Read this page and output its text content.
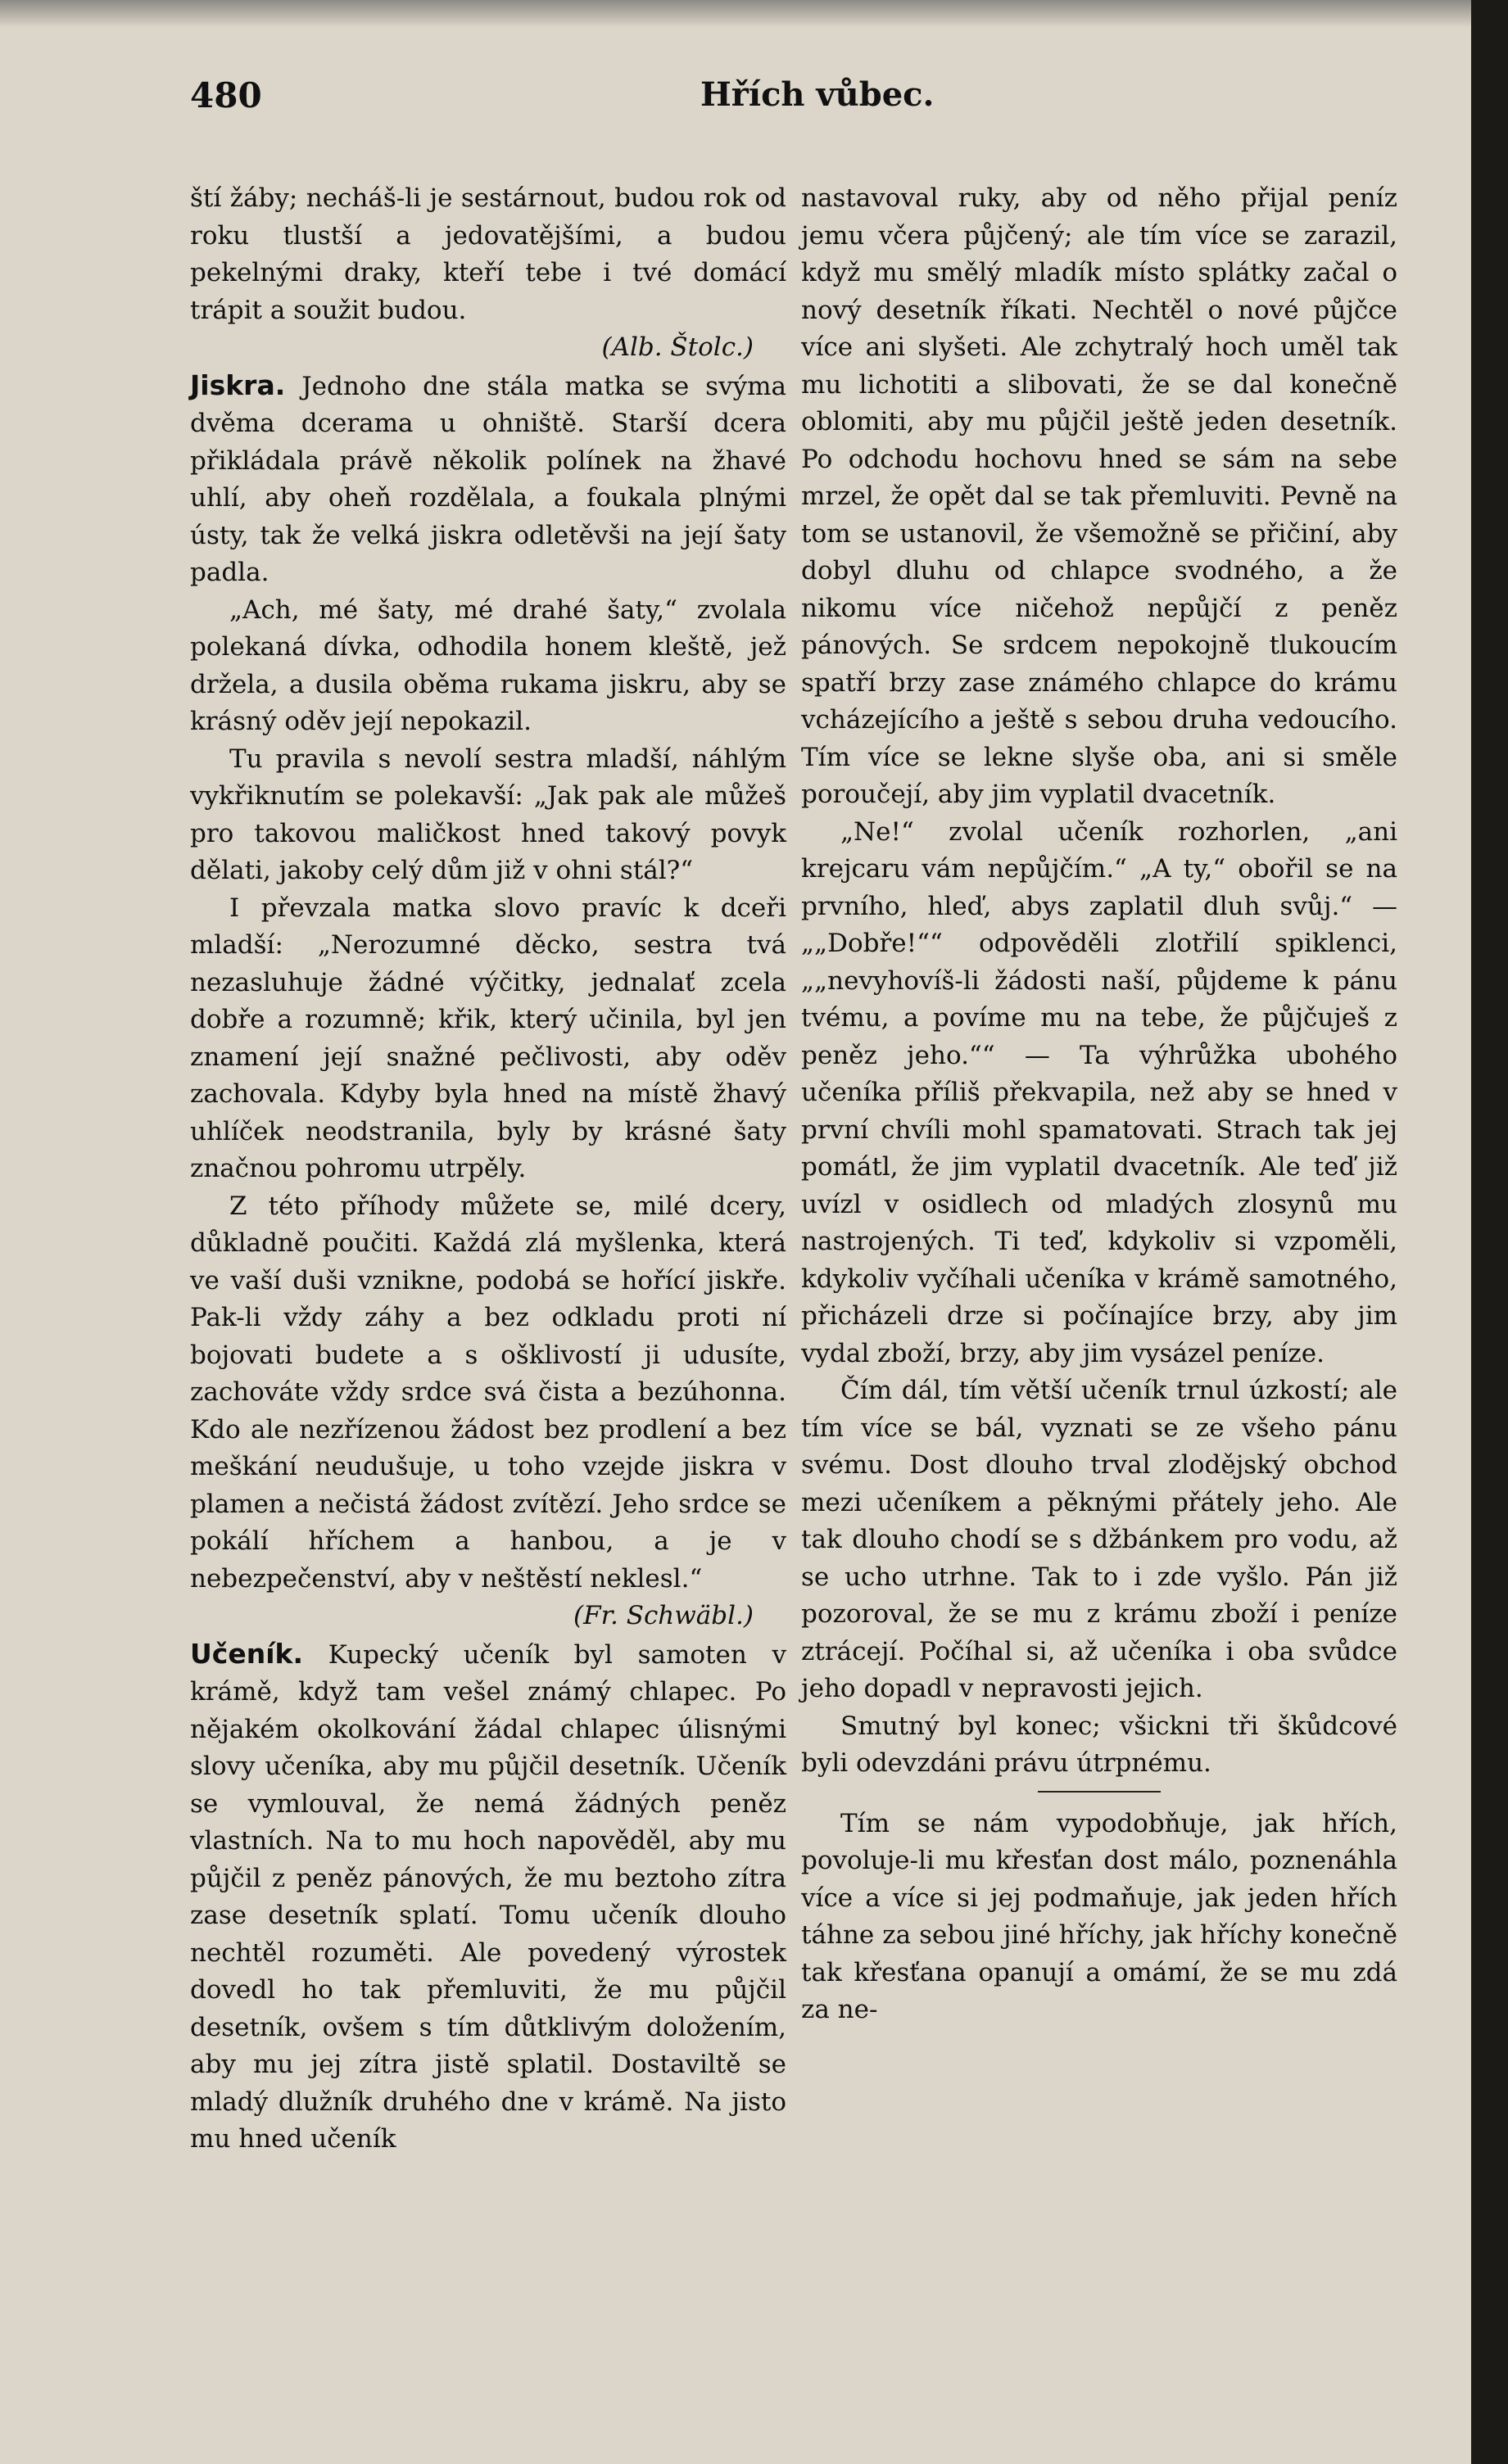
480	Hřích vůbec.

ští žáby; necháš-li je sestárnout, budou rok od roku tlustší a jedovatějšími, a budou pekelnými draky, kteří tebe i tvé domácí trápit a soužit budou.

(Alb. Štolc.)

Jiskra. Jednoho dne stála matka se svýma dvěma dcerama u ohniště. Starší dcera přikládala právě několik polínek na žhavé uhlí, aby oheň rozdělala, a foukala plnými ústy, tak že velká jiskra odletěvši na její šaty padla.

„Ach, mé šaty, mé drahé šaty,“ zvolala polekaná dívka, odhodila honem kleště, jež držela, a dusila oběma rukama jiskru, aby se krásný oděv její nepokazil.

Tu pravila s nevolí sestra mladší, náhlým vykřiknutím se polekavší: „Jak pak ale můžeš pro takovou maličkost hned takový povyk dělati, jakoby celý dům již v ohni stál?“

I převzala matka slovo pravíc k dceři mladší: „Nerozumné děcko, sestra tvá nezasluhuje žádné výčitky, jednalať zcela dobře a rozumně; křik, který učinila, byl jen znamení její snažné pečlivosti, aby oděv zachovala. Kdyby byla hned na místě žhavý uhlíček neodstranila, byly by krásné šaty značnou pohromu utrpěly.

Z této příhody můžete se, milé dcery, důkladně poučiti. Každá zlá myšlenka, která ve vaší duši vznikne, podobá se hořící jiskře. Pak-li vždy záhy a bez odkladu proti ní bojovati budete a s ošklivostí ji udusíte, zachováte vždy srdce svá čista a bezúhonna. Kdo ale nezřízenou žádost bez prodlení a bez meškání neudušuje, u toho vzejde jiskra v plamen a nečistá žádost zvítězí. Jeho srdce se pokálí hříchem a hanbou, a je v nebezpečenství, aby v neštěstí neklesl.“

(Fr. Schwäbl.)

Učeník. Kupecký učeník byl samoten v krámě, když tam vešel známý chlapec. Po nějakém okolkování žádal chlapec úlisnými slovy učeníka, aby mu půjčil desetník. Učeník se vymlouval, že nemá žádných peněz vlastních. Na to mu hoch napověděl, aby mu půjčil z peněz pánových, že mu beztoho zítra zase desetník splatí. Tomu učeník dlouho nechtěl rozuměti. Ale povedený výrostek dovedl ho tak přemluviti, že mu půjčil desetník, ovšem s tím důtklivým doložením, aby mu jej zítra jistě splatil. Dostaviltě se mladý dlužník druhého dne v krámě. Na jisto mu hned učeník

nastavoval ruky, aby od něho přijal peníz jemu včera půjčený; ale tím více se zarazil, když mu smělý mladík místo splátky začal o nový desetník říkati. Nechtěl o nové půjčce více ani slyšeti. Ale zchytralý hoch uměl tak mu lichotiti a slibovati, že se dal konečně oblomiti, aby mu půjčil ještě jeden desetník. Po odchodu hochovu hned se sám na sebe mrzel, že opět dal se tak přemluviti. Pevně na tom se ustanovil, že všemožně se přičiní, aby dobyl dluhu od chlapce svodného, a že nikomu více ničehož nepůjčí z peněz pánových. Se srdcem nepokojně tlukoucím spatří brzy zase známého chlapce do krámu vcházejícího a ještě s sebou druha vedoucího. Tím více se lekne slyše oba, ani si směle poroučejí, aby jim vyplatil dvacetník.

„Ne!“ zvolal učeník rozhorlen, „ani krejcaru vám nepůjčím.“ „A ty,“ obořil se na prvního, hleď, abys zaplatil dluh svůj.“ — „„Dobře!““ odpověděli zlotřilí spiklenci, „„nevyhovíš-li žádosti naší, půjdeme k pánu tvému, a povíme mu na tebe, že půjčuješ z peněz jeho.““ — Ta výhrůžka ubohého učeníka příliš překvapila, než aby se hned v první chvíli mohl spamatovati. Strach tak jej pomátl, že jim vyplatil dvacetník. Ale teď již uvízl v osidlech od mladých zlosynů mu nastrojených. Ti teď, kdykoliv si vzpoměli, kdykoliv vyčíhali učeníka v krámě samotného, přicházeli drze si počínajíce brzy, aby jim vydal zboží, brzy, aby jim vysázel peníze.

Čím dál, tím větší učeník trnul úzkostí; ale tím více se bál, vyznati se ze všeho pánu svému. Dost dlouho trval zlodějský obchod mezi učeníkem a pěknými přátely jeho. Ale tak dlouho chodí se s džbánkem pro vodu, až se ucho utrhne. Tak to i zde vyšlo. Pán již pozoroval, že se mu z krámu zboží i peníze ztrácejí. Počíhal si, až učeníka i oba svůdce jeho dopadl v nepravosti jejich.

Smutný byl konec; všickni tři škůdcové byli odevzdáni právu útrpnému.

Tím se nám vypodobňuje, jak hřích, povoluje-li mu křesťan dost málo, poznenáhla více a více si jej podmaňuje, jak jeden hřích táhne za sebou jiné hříchy, jak hříchy konečně tak křesťana opanují a omámí, že se mu zdá za ne-
